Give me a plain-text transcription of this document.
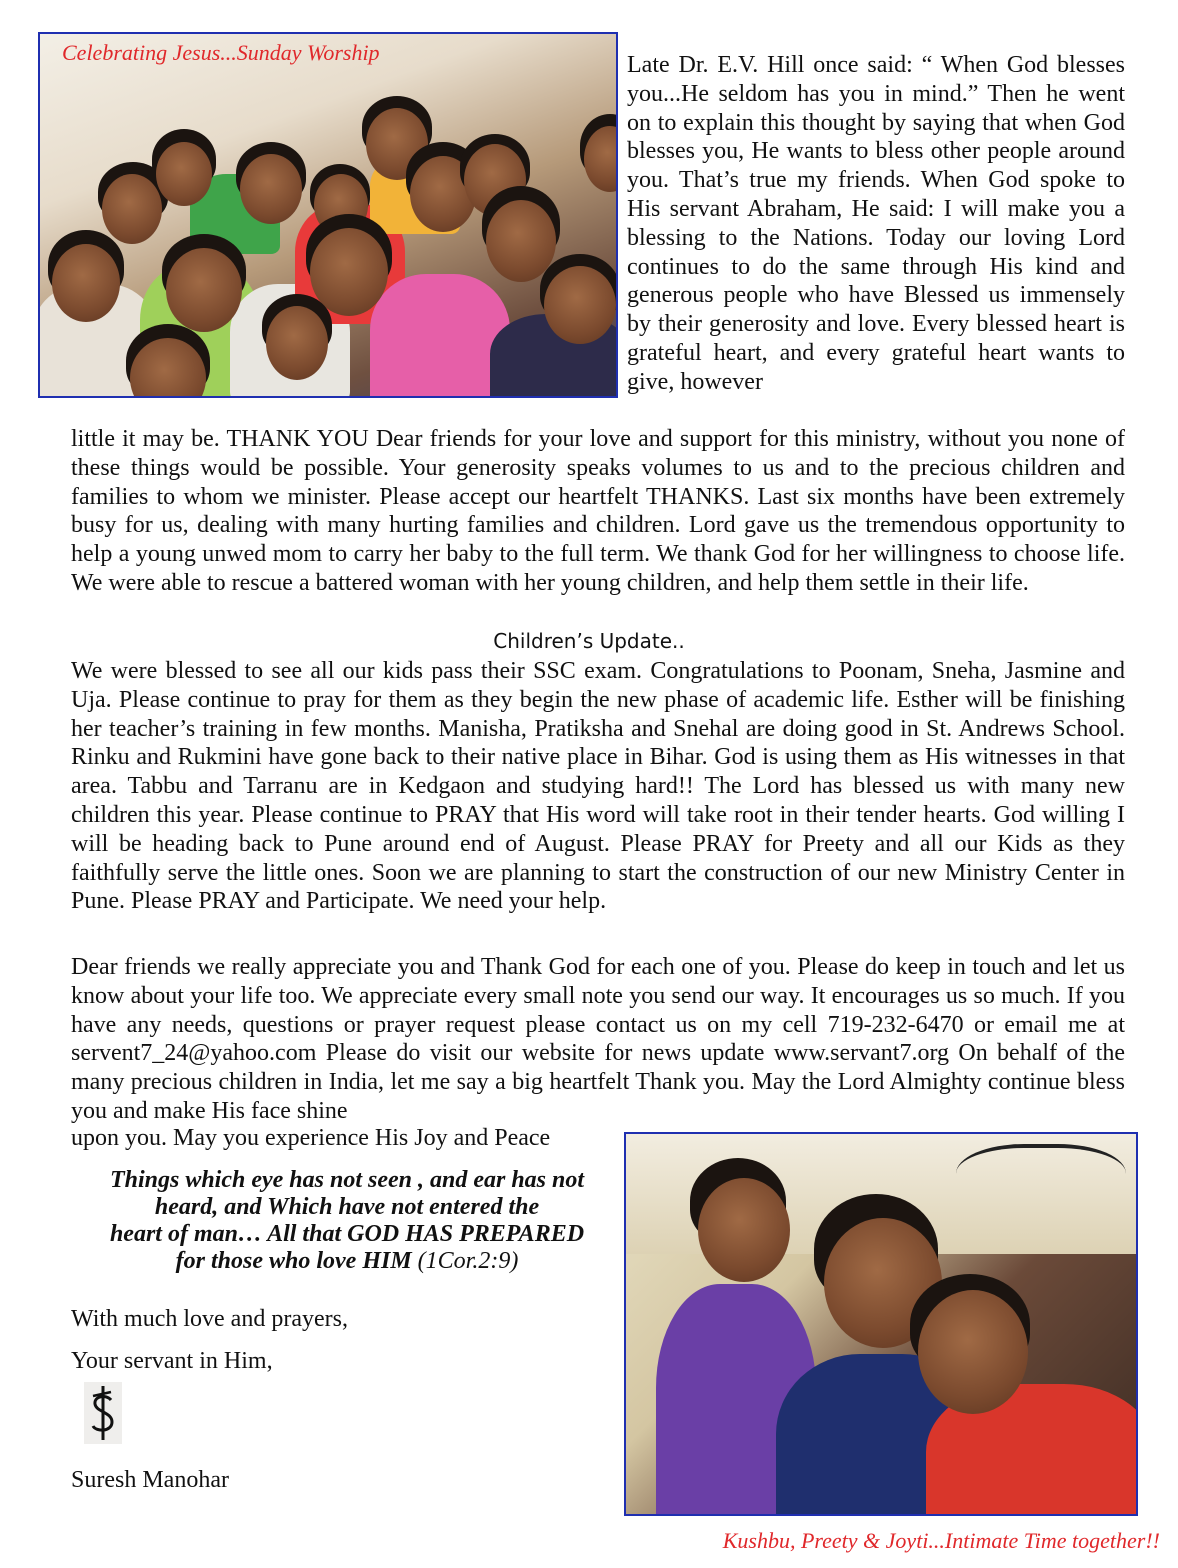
Celebrating Jesus...Sunday Worship	Late Dr. E.V. Hill once said: “ When God blesses you...He seldom has you in mind.” Then he went on to explain this thought by saying that when God blesses you, He wants to bless other people around you. That’s true my friends. When God spoke to His servant Abraham, He said: I will make you a blessing to the Nations. Today our loving Lord continues to do the same through His kind and generous people who have Blessed us immensely by their generosity and love. Every blessed heart is grateful heart, and every grateful heart wants to give, however
little it may be. THANK YOU Dear friends for your love and support for this ministry, without you none of these things would be possible. Your generosity speaks volumes to us and to the precious children and families to whom we minister. Please accept our heartfelt THANKS. Last six months have been extremely busy for us, dealing with many hurting families and children. Lord gave us the tremendous opportunity to help a young unwed mom to carry her baby to the full term. We thank God for her willingness to choose life. We were able to rescue a battered woman with her young children, and help them settle in their life.
Children’s Update..
We were blessed to see all our kids pass their SSC exam. Congratulations to Poonam, Sneha, Jasmine and Uja. Please continue to pray for them as they begin the new phase of academic life. Esther will be finishing her teacher’s training in few months. Manisha, Pratiksha and Snehal are doing good in St. Andrews School. Rinku and Rukmini have gone back to their native place in Bihar. God is using them as His witnesses in that area. Tabbu and Tarranu are in Kedgaon and studying hard!! The Lord has blessed us with many new children this year. Please continue to PRAY that His word will take root in their tender hearts. God willing I will be heading back to Pune around end of August. Please PRAY for Preety and all our Kids as they faithfully serve the little ones. Soon we are planning to start the construction of our new Ministry Center in Pune. Please PRAY and Participate. We need your help.
Dear friends we really appreciate you and Thank God for each one of you. Please do keep in touch and let us know about your life too. We appreciate every small note you send our way. It encourages us so much. If you have any needs, questions or prayer request please contact us on my cell 719-232-6470 or email me at servent7_24@yahoo.com Please do visit our website for news update www.servant7.org On behalf of the many precious children in India, let me say a big heartfelt Thank you. May the Lord Almighty continue bless you and make His face shine
upon you. May you experience His Joy and Peace
Things which eye has not seen , and ear has not
heard, and Which have not entered the
heart of man… All that GOD HAS PREPARED
for those who love HIM (1Cor.2:9)
With much love and prayers,
Your servant in Him,
Suresh Manohar
Kushbu, Preety & Joyti...Intimate Time together!!
